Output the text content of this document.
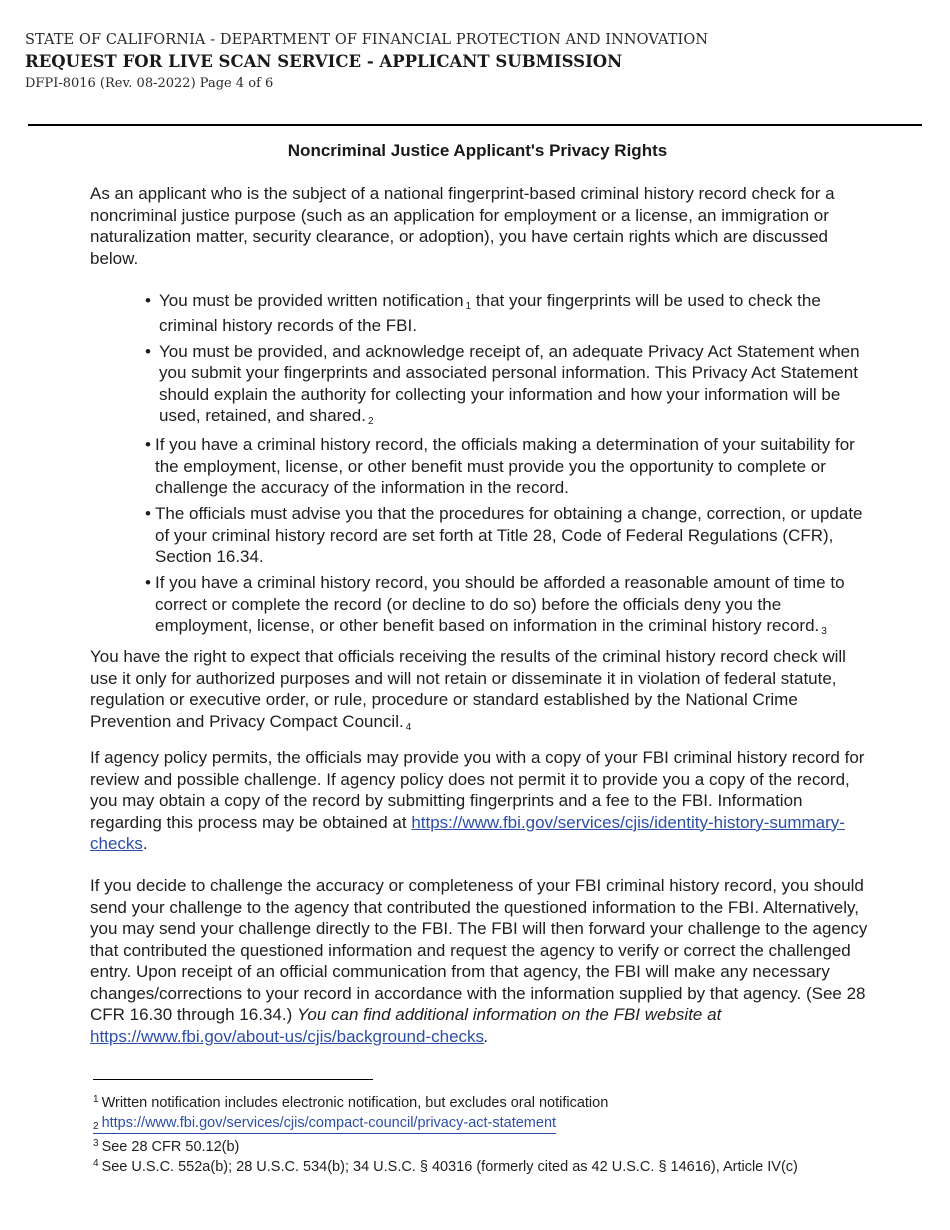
STATE OF CALIFORNIA - DEPARTMENT OF FINANCIAL PROTECTION AND INNOVATION
REQUEST FOR LIVE SCAN SERVICE - APPLICANT SUBMISSION
DFPI-8016 (Rev. 08-2022) Page 4 of 6
Noncriminal Justice Applicant's Privacy Rights
As an applicant who is the subject of a national fingerprint-based criminal history record check for a noncriminal justice purpose (such as an application for employment or a license, an immigration or naturalization matter, security clearance, or adoption), you have certain rights which are discussed below.
• You must be provided written notification $^1$ that your fingerprints will be used to check the criminal history records of the FBI.
• You must be provided, and acknowledge receipt of, an adequate Privacy Act Statement when you submit your fingerprints and associated personal information. This Privacy Act Statement should explain the authority for collecting your information and how your information will be used, retained, and shared. $^2$
• If you have a criminal history record, the officials making a determination of your suitability for the employment, license, or other benefit must provide you the opportunity to complete or challenge the accuracy of the information in the record.
• The officials must advise you that the procedures for obtaining a change, correction, or update of your criminal history record are set forth at Title 28, Code of Federal Regulations (CFR), Section 16.34.
• If you have a criminal history record, you should be afforded a reasonable amount of time to correct or complete the record (or decline to do so) before the officials deny you the employment, license, or other benefit based on information in the criminal history record. $^3$
You have the right to expect that officials receiving the results of the criminal history record check will use it only for authorized purposes and will not retain or disseminate it in violation of federal statute, regulation or executive order, or rule, procedure or standard established by the National Crime Prevention and Privacy Compact Council. $^4$
If agency policy permits, the officials may provide you with a copy of your FBI criminal history record for review and possible challenge. If agency policy does not permit it to provide you a copy of the record, you may obtain a copy of the record by submitting fingerprints and a fee to the FBI. Information regarding this process may be obtained at https://www.fbi.gov/services/cjis/identity-history-summary-checks.
If you decide to challenge the accuracy or completeness of your FBI criminal history record, you should send your challenge to the agency that contributed the questioned information to the FBI. Alternatively, you may send your challenge directly to the FBI. The FBI will then forward your challenge to the agency that contributed the questioned information and request the agency to verify or correct the challenged entry. Upon receipt of an official communication from that agency, the FBI will make any necessary changes/corrections to your record in accordance with the information supplied by that agency. (See 28 CFR 16.30 through 16.34.) You can find additional information on the FBI website at https://www.fbi.gov/about-us/cjis/background-checks.
$^1$ Written notification includes electronic notification, but excludes oral notification
2 https://www.fbi.gov/services/cjis/compact-council/privacy-act-statement
$^3$ See 28 CFR 50.12(b)
$^4$ See U.S.C. 552a(b); 28 U.S.C. 534(b); 34 U.S.C. § 40316 (formerly cited as 42 U.S.C. § 14616), Article IV(c)
